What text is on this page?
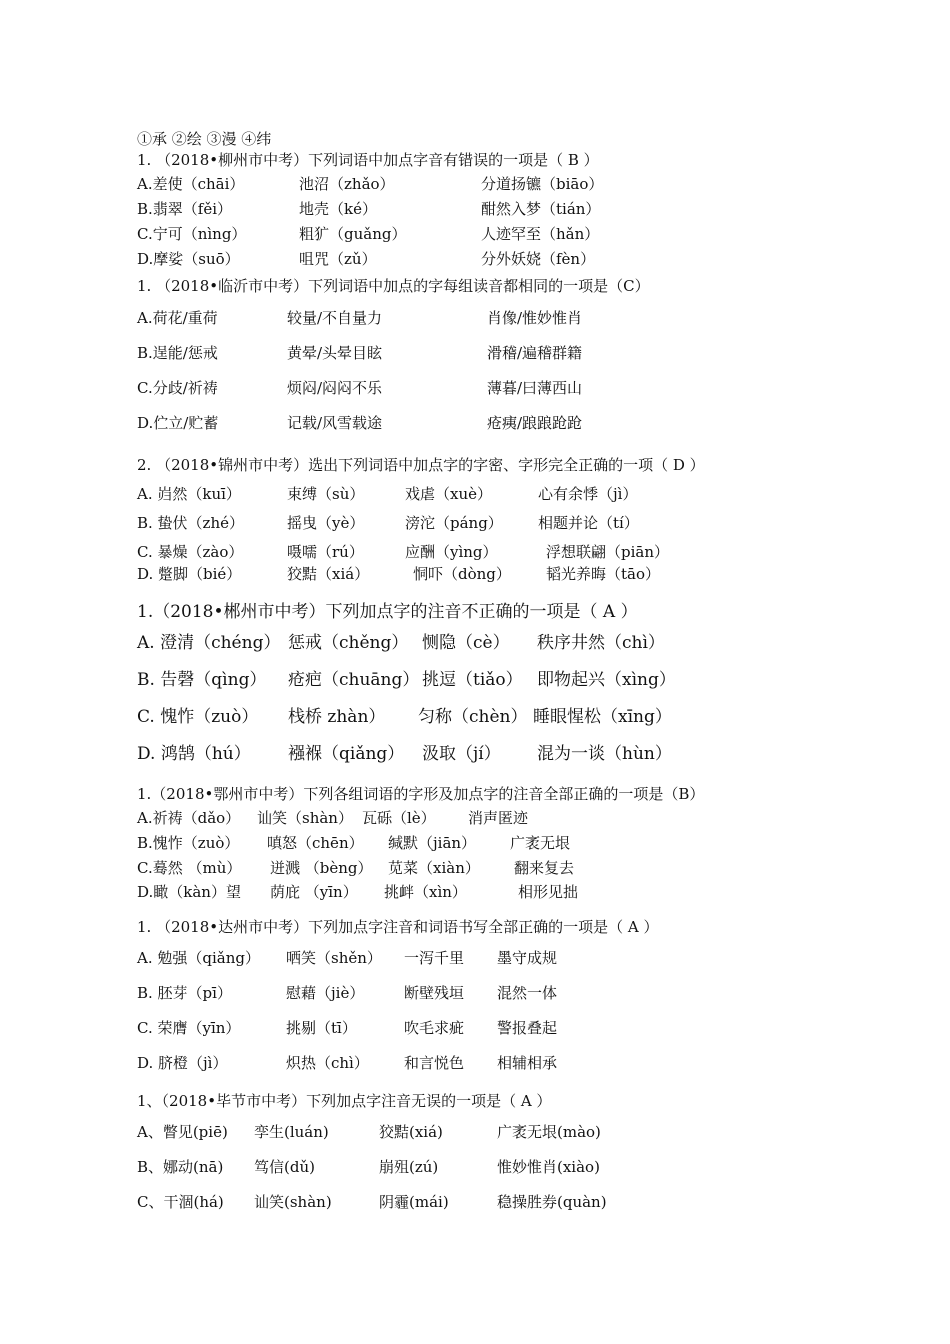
①承 ②绘 ③漫 ④纬
1. （2018•柳州市中考）下列词语中加点字音有错误的一项是（ B ）
A.差使（chāi）	池沼（zhǎo）	分道扬镳（biāo）
B.翡翠（fěi）	地壳（ké）	酣然入梦（tián）
C.宁可（nìng）	粗犷（guǎng）	人迹罕至（hǎn）
D.摩娑（suō）	咀咒（zǔ）	分外妖娆（fèn）
1. （2018•临沂市中考）下列词语中加点的字每组读音都相同的一项是（C）
A.荷花/重荷	较量/不自量力	肖像/惟妙惟肖
B.逞能/惩戒	黄晕/头晕目眩	滑稽/遍稽群籍
C.分歧/祈祷	烦闷/闷闷不乐	薄暮/曰薄西山
D.伫立/贮蓄	记载/风雪载途	疮痍/踉踉跄跄
2. （2018•锦州市中考）选出下列词语中加点字的字密、字形完全正确的一项（ D ）
A. 岿然（kuī）	束缚（sù）	戏虐（xuè）	心有余悸（jì）
B. 蛰伏（zhé）	摇曳（yè）	滂沱（páng） 相题并论（tí）
C. 暴燥（zào）	嗫嚅（rú）	应酬（yìng）	浮想联翩（piān）
D. 蹩脚（bié）	狡黠（xiá）	恫吓（dòng） 韬光养晦（tāo）
1.（2018•郴州市中考）下列加点字的注音不正确的一项是（ A ）
A. 澄清（chéng） 惩戒（chěng） 恻隐（cè） 秩序井然（chì）
B. 告磬（qìng） 疮疤（chuāng） 挑逗（tiǎo） 即物起兴（xìng）
C. 愧怍（zuò） 栈桥 zhàn） 匀称（chèn） 睡眼惺松（xīng）
D. 鸿鹄（hú） 襁褓（qiǎng） 汲取（jí） 混为一谈（hùn）
1.（2018•鄂州市中考）下列各组词语的字形及加点字的注音全部正确的一项是（B）
A.祈祷（dǎo） 讪笑（shàn） 瓦砾（lè） 消声匿迹
B.愧怍（zuò） 嗔怒（chēn） 缄默（jiān） 广袤无垠
C.蓦然 （mù） 迸溅 （bèng） 苋菜（xiàn） 翻来复去
D.瞰（kàn）望 荫庇 （yīn） 挑衅（xìn）	相形见拙
1. （2018•达州市中考）下列加点字注音和词语书写全部正确的一项是（ A ）
A. 勉强（qiǎng） 哂笑（shěn） 一泻千里 墨守成规
B. 胚芽（pī）	慰藉（jiè）	断壁残垣 混然一体
C. 荣膺（yīn）	挑剔（tī）	吹毛求疵 警报叠起
D. 脐橙（jì）	炽热（chì） 和言悦色 相辅相承
1、（2018•毕节市中考）下列加点字注音无误的一项是（ A ）
A、瞥见(piē) 孪生(luán)	狡黠(xiá)	广袤无垠(mào)
B、娜动(nā) 笃信(dǔ)	崩殂(zú)	惟妙惟肖(xiào)
C、干涸(há) 讪笑(shàn)	阴霾(mái)	稳操胜券(quàn)
